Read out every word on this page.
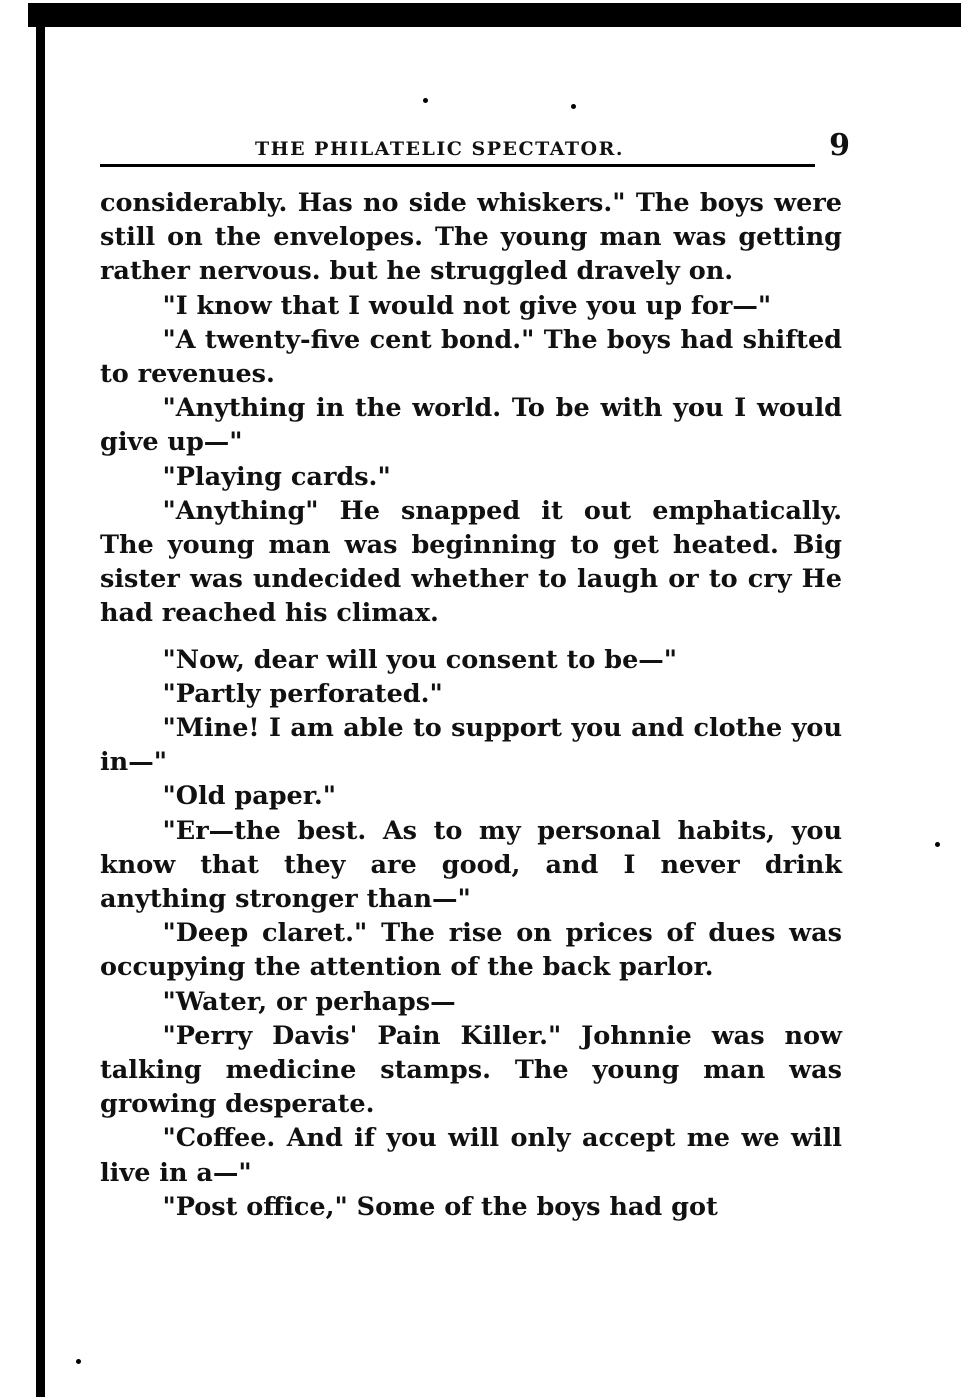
THE PHILATELIC SPECTATOR.	9

considerably. Has no side whiskers." The boys were still on the envelopes. The young man was getting rather nervous. but he struggled dravely on.

"I know that I would not give you up for—"

"A twenty-five cent bond." The boys had shifted to revenues.

"Anything in the world. To be with you I would give up—"

"Playing cards."

"Anything" He snapped it out emphatically. The young man was beginning to get heated. Big sister was undecided whether to laugh or to cry He had reached his climax.

"Now, dear will you consent to be—"

"Partly perforated."

"Mine! I am able to support you and clothe you in—"

"Old paper."

"Er—the best. As to my personal habits, you know that they are good, and I never drink anything stronger than—"

"Deep claret." The rise on prices of dues was occupying the attention of the back parlor.

"Water, or perhaps—

"Perry Davis' Pain Killer." Johnnie was now talking medicine stamps. The young man was growing desperate.

"Coffee. And if you will only accept me we will live in a—"

"Post office," Some of the boys had got
